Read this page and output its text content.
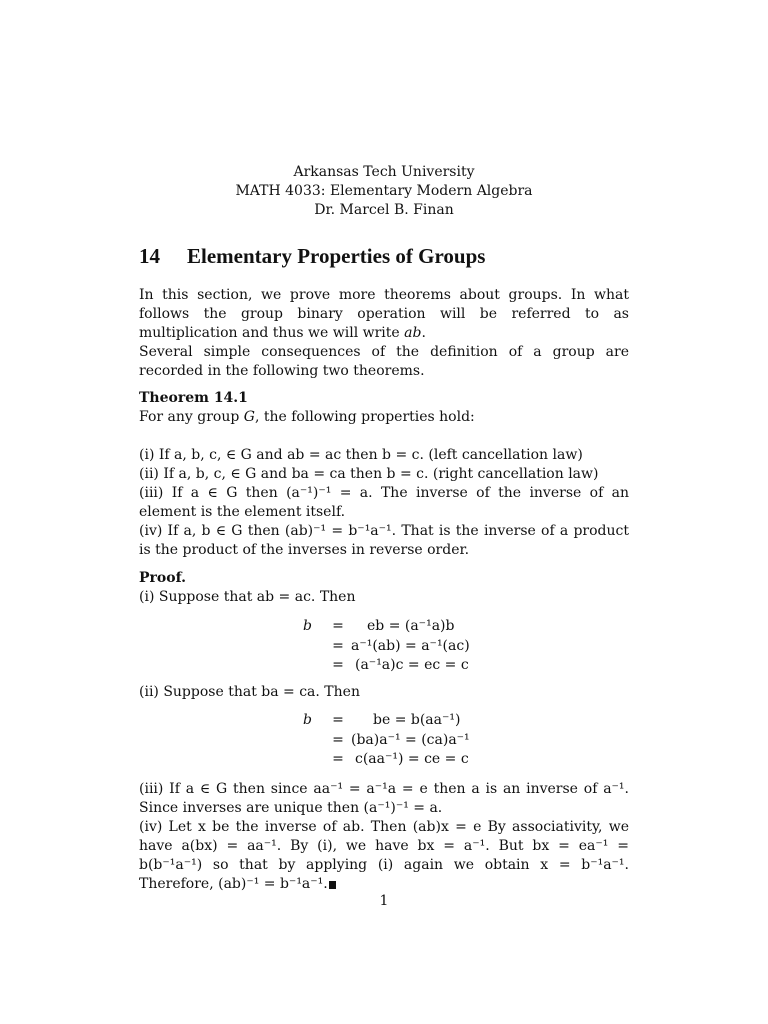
Arkansas Tech University
MATH 4033: Elementary Modern Algebra
Dr. Marcel B. Finan
14 Elementary Properties of Groups

In this section, we prove more theorems about groups. In what follows the group binary operation will be referred to as multiplication and thus we will write ab.

Several simple consequences of the definition of a group are recorded in the following two theorems.

Theorem 14.1

For any group G, the following properties hold:

(i) If a, b, c, ∈ G and ab = ac then b = c. (left cancellation law)

(ii) If a, b, c, ∈ G and ba = ca then b = c. (right cancellation law)

(iii) If a ∈ G then (a⁻¹)⁻¹ = a. The inverse of the inverse of an element is the element itself.

(iv) If a, b ∈ G then (ab)⁻¹ = b⁻¹a⁻¹. That is the inverse of a product is the product of the inverses in reverse order.

Proof.

(i) Suppose that ab = ac. Then

b = eb = (a⁻¹a)b
= a⁻¹(ab) = a⁻¹(ac)
= (a⁻¹a)c = ec = c

(ii) Suppose that ba = ca. Then

b = be = b(aa⁻¹)
= (ba)a⁻¹ = (ca)a⁻¹
= c(aa⁻¹) = ce = c

(iii) If a ∈ G then since aa⁻¹ = a⁻¹a = e then a is an inverse of a⁻¹. Since inverses are unique then (a⁻¹)⁻¹ = a.

(iv) Let x be the inverse of ab. Then (ab)x = e By associativity, we have a(bx) = aa⁻¹. By (i), we have bx = a⁻¹. But bx = ea⁻¹ = b(b⁻¹a⁻¹) so that by applying (i) again we obtain x = b⁻¹a⁻¹. Therefore, (ab)⁻¹ = b⁻¹a⁻¹.

1
